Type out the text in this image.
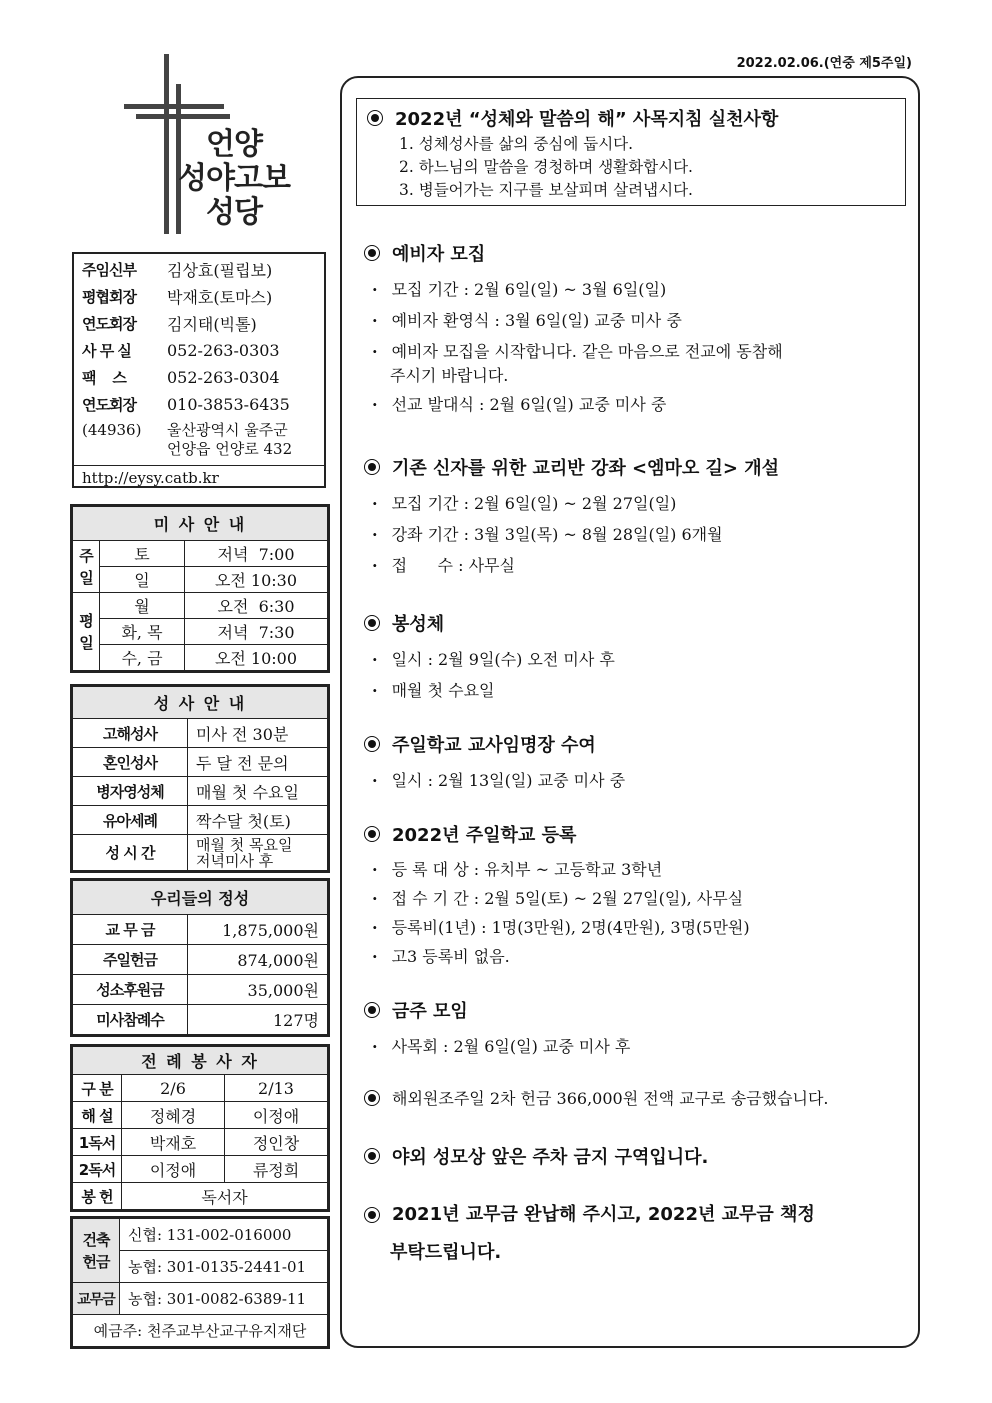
2022.02.06.(연중 제5주일)
언양
성야고보
성당
주임신부	김상효(필립보)
평협회장	박재호(토마스)
연도회장	김지태(빅톨)
사 무 실	052-263-0303
팩    스	052-263-0304
연도회장	010-3853-6435
(44936)	울산광역시 울주군
언양읍 언양로 432
http://eysy.catb.kr
미 사 안 내		
주일	토	저녁  7:00
	일	오전 10:30
평일	월	오전  6:30
	화, 목	저녁  7:30
	수, 금	오전 10:00
성 사 안 내	
고해성사	미사 전 30분
혼인성사	두 달 전 문의
병자영성체	매월 첫 수요일
유아세례	짝수달 첫(토)
성 시 간	매월 첫 목요일
저녁미사 후
우리들의 정성	
교 무 금	1,875,000원
주일헌금	874,000원
성소후원금	35,000원
미사참례수	127명
전 례 봉 사 자		
구 분	2/6	2/13
해 설	정혜경	이정애
1독서	박재호	정인창
2독서	이정애	류정희
봉 헌	독서자	
건축
헌금	신협: 131-002-016000
	농협: 301-0135-2441-01
교무금	농협: 301-0082-6389-11
예금주: 천주교부산교구유지재단	
2022년 “성체와 말씀의 해” 사목지침 실천사항
1. 성체성사를 삶의 중심에 둡시다.
2. 하느님의 말씀을 경청하며 생활화합시다.
3. 병들어가는 지구를 보살피며 살려냅시다.
예비자 모집
· 모집 기간 : 2월 6일(일) ~ 3월 6일(일)
· 예비자 환영식 : 3월 6일(일) 교중 미사 중
· 예비자 모집을 시작합니다. 같은 마음으로 전교에 동참해
주시기 바랍니다.
· 선교 발대식 : 2월 6일(일) 교중 미사 중
기존 신자를 위한 교리반 강좌 <엠마오 길> 개설
· 모집 기간 : 2월 6일(일) ~ 2월 27일(일)
· 강좌 기간 : 3월 3일(목) ~ 8월 28일(일) 6개월
· 접      수 : 사무실
봉성체
· 일시 : 2월 9일(수) 오전 미사 후
· 매월 첫 수요일
주일학교 교사임명장 수여
· 일시 : 2월 13일(일) 교중 미사 중
2022년 주일학교 등록
· 등 록 대 상 : 유치부 ~ 고등학교 3학년
· 접 수 기 간 : 2월 5일(토) ~ 2월 27일(일), 사무실
· 등록비(1년) : 1명(3만원), 2명(4만원), 3명(5만원)
· 고3 등록비 없음.
금주 모임
· 사목회 : 2월 6일(일) 교중 미사 후
해외원조주일 2차 헌금 366,000원 전액 교구로 송금했습니다.
야외 성모상 앞은 주차 금지 구역입니다.
2021년 교무금 완납해 주시고, 2022년 교무금 책정
부탁드립니다.
